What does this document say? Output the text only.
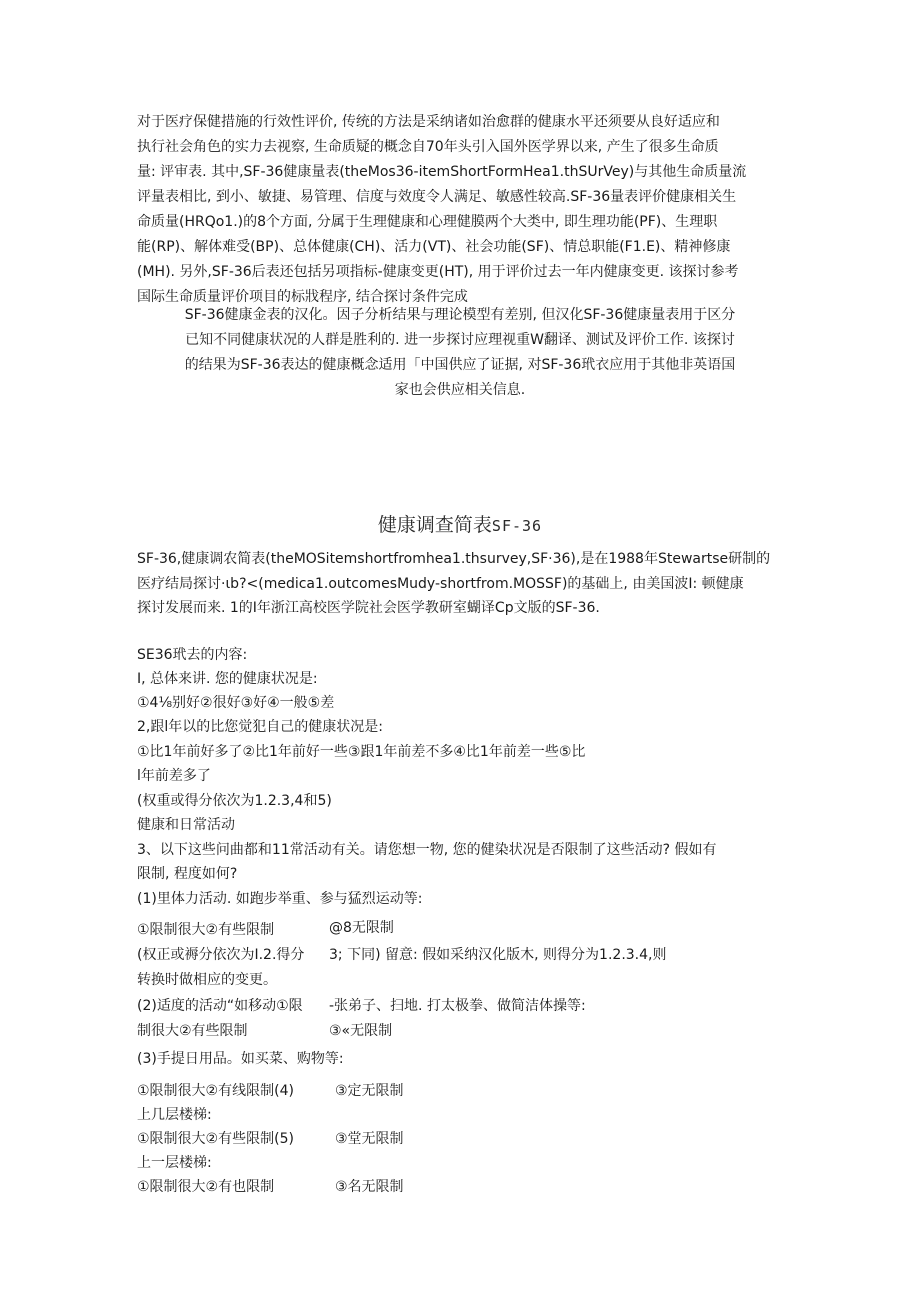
对于医疗保健措施的行效性评价, 传统的方法是采纳诸如治愈群的健康水平还须要从良好适应和
执行社会角色的实力去视察, 生命质疑的概念自70年头引入国外医学界以来, 产生了很多生命质
量: 评审表. 其中,SF-36健康量表(theMos36-itemShortFormHea1.thSUrVey)与其他生命质量流
评量表相比, 到小、敏捷、易管理、信度与效度令人满足、敏感性较高.SF-36量表评价健康相关生
命质量(HRQo1.)的8个方面, 分属于生理健康和心理健膜两个大类中, 即生理功能(PF)、生理职
能(RP)、解体难受(BP)、总体健康(CH)、活力(VT)、社会功能(SF)、情总职能(F1.E)、精神修康
(MH). 另外,SF-36后表还包括另项指标-健康变更(HT), 用于评价过去一年内健康变更. 该探讨参考
国际生命质量评价项目的标戕程序, 结合探讨条件完成
SF-36健康金表的汉化。因子分析结果与理论模型有差别, 但汉化SF-36健康量表用于区分
已知不同健康状况的人群是胜利的. 进一步探讨应理视重W翻译、测试及评价工作. 该探讨
的结果为SF-36表达的健康概念适用「中国供应了证据, 对SF-36玳衣应用于其他非英语国
家也会供应相关信息.
健康调查简表SF-36
SF-36,健康调农简表(theMOSitemshortfromhea1.thsurvey,SF·36),是在1988年Stewartse研制的
医疗结局探讨·ιb?<(medica1.outcomesMudy-shortfrom.MOSSF)的基础上, 由美国波I: 顿健康
探讨发展而来. 1的Ⅰ年浙江高校医学院社会医学教研室蝴译Cp文版的SF-36.
SE36玳去的内容:
I, 总体来讲. 您的健康状况是:
①4⅛别好②很好③好④一般⑤差
2,跟l年以的比您觉犯自己的健康状况是:
①比1年前好多了②比1年前好一些③跟1年前差不多④比1年前差一些⑤比
l年前差多了
(权重或得分依次为1.2.3,4和5)
健康和日常活动
3、以下这些问曲都和11常活动有关。请您想一物, 您的健染状况是否限制了这些活动? 假如有
限制, 程度如何?
(1)里体力活动. 如跑步举重、参与猛烈运动等:
①限制很大②有些限制	@8无限制
(权正或褥分依次为I.2.得分 3; 下同) 留意: 假如采纳汉化版木, 则得分为1.2.3.4,则
转换时做相应的变更。
(2)适度的活动“如移动①限 -张弟子、扫地. 打太极拳、做简洁体操等:
制很大②有些限制	③«无限制
(3)手提日用品。如买菜、购物等:
①限制很大②有线限制(4)	③定无限制
上几层楼梯:
①限制很大②有些限制(5)	③堂无限制
上一层楼梯:
①限制很大②有也限制	③名无限制
